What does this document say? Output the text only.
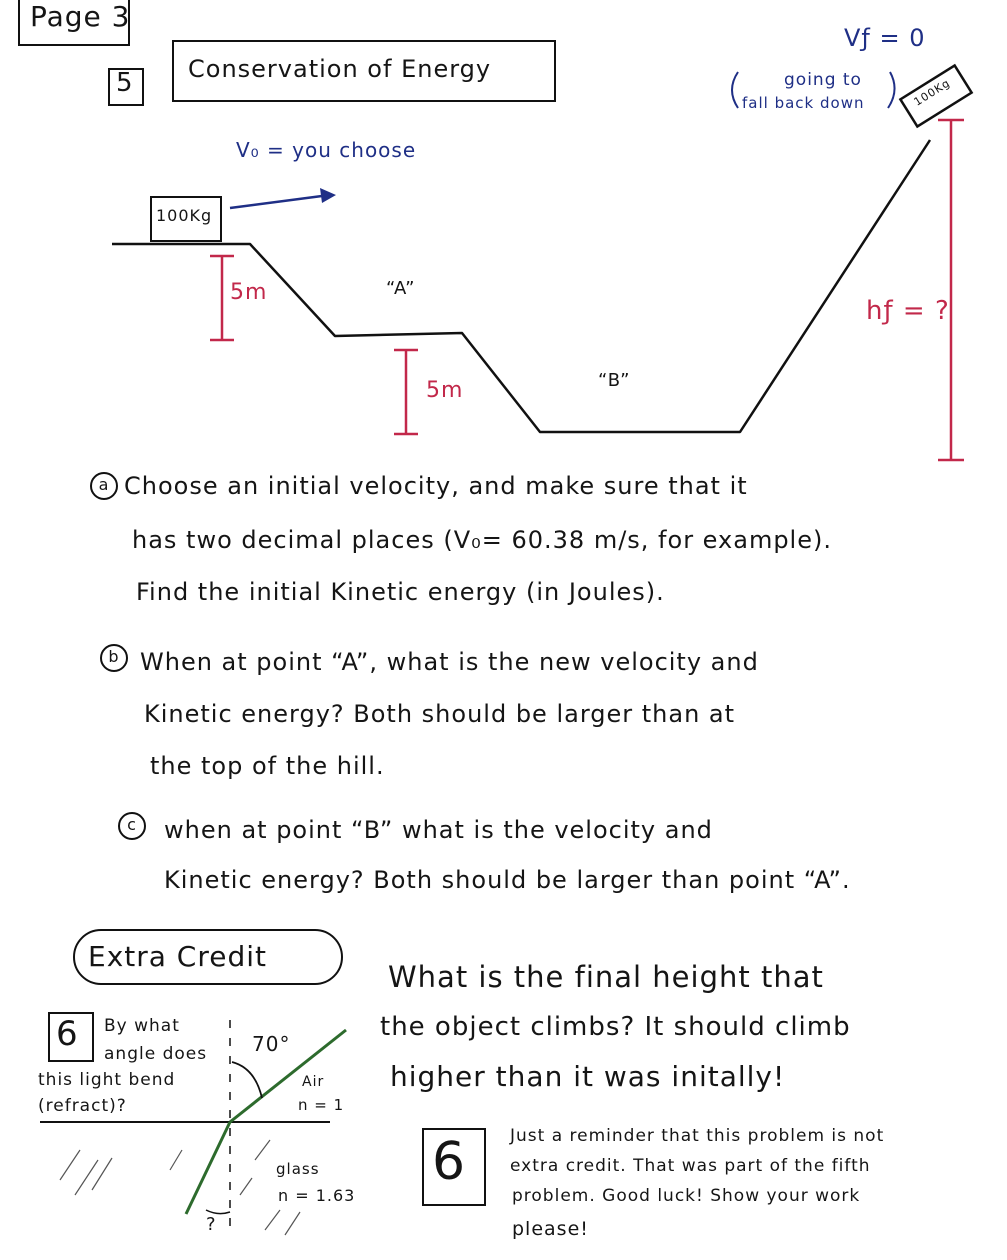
Page 3
5 Conservation of Energy
100Kg
100Kg
V₀ = you choose
Vƒ = 0
going to
fall back down
5m
5m
“A”
“B”
hƒ = ?
a Choose an initial velocity, and make sure that it
has two decimal places (V₀= 60.38 m/s, for example).
Find the initial Kinetic energy (in Joules).
b When at point “A”, what is the new velocity and
Kinetic energy? Both should be larger than at
the top of the hill.
c	when at point “B” what is the velocity and
Kinetic energy? Both should be larger than point “A”.
Extra Credit
What is the final height that
the object climbs? It should climb
higher than it was initally!
6 By what
angle does
this light bend
(refract)?
70°
Air
n = 1
glass
n = 1.63
?
6	Just a reminder that this problem is not
extra credit. That was part of the fifth
problem. Good luck! Show your work
please!
